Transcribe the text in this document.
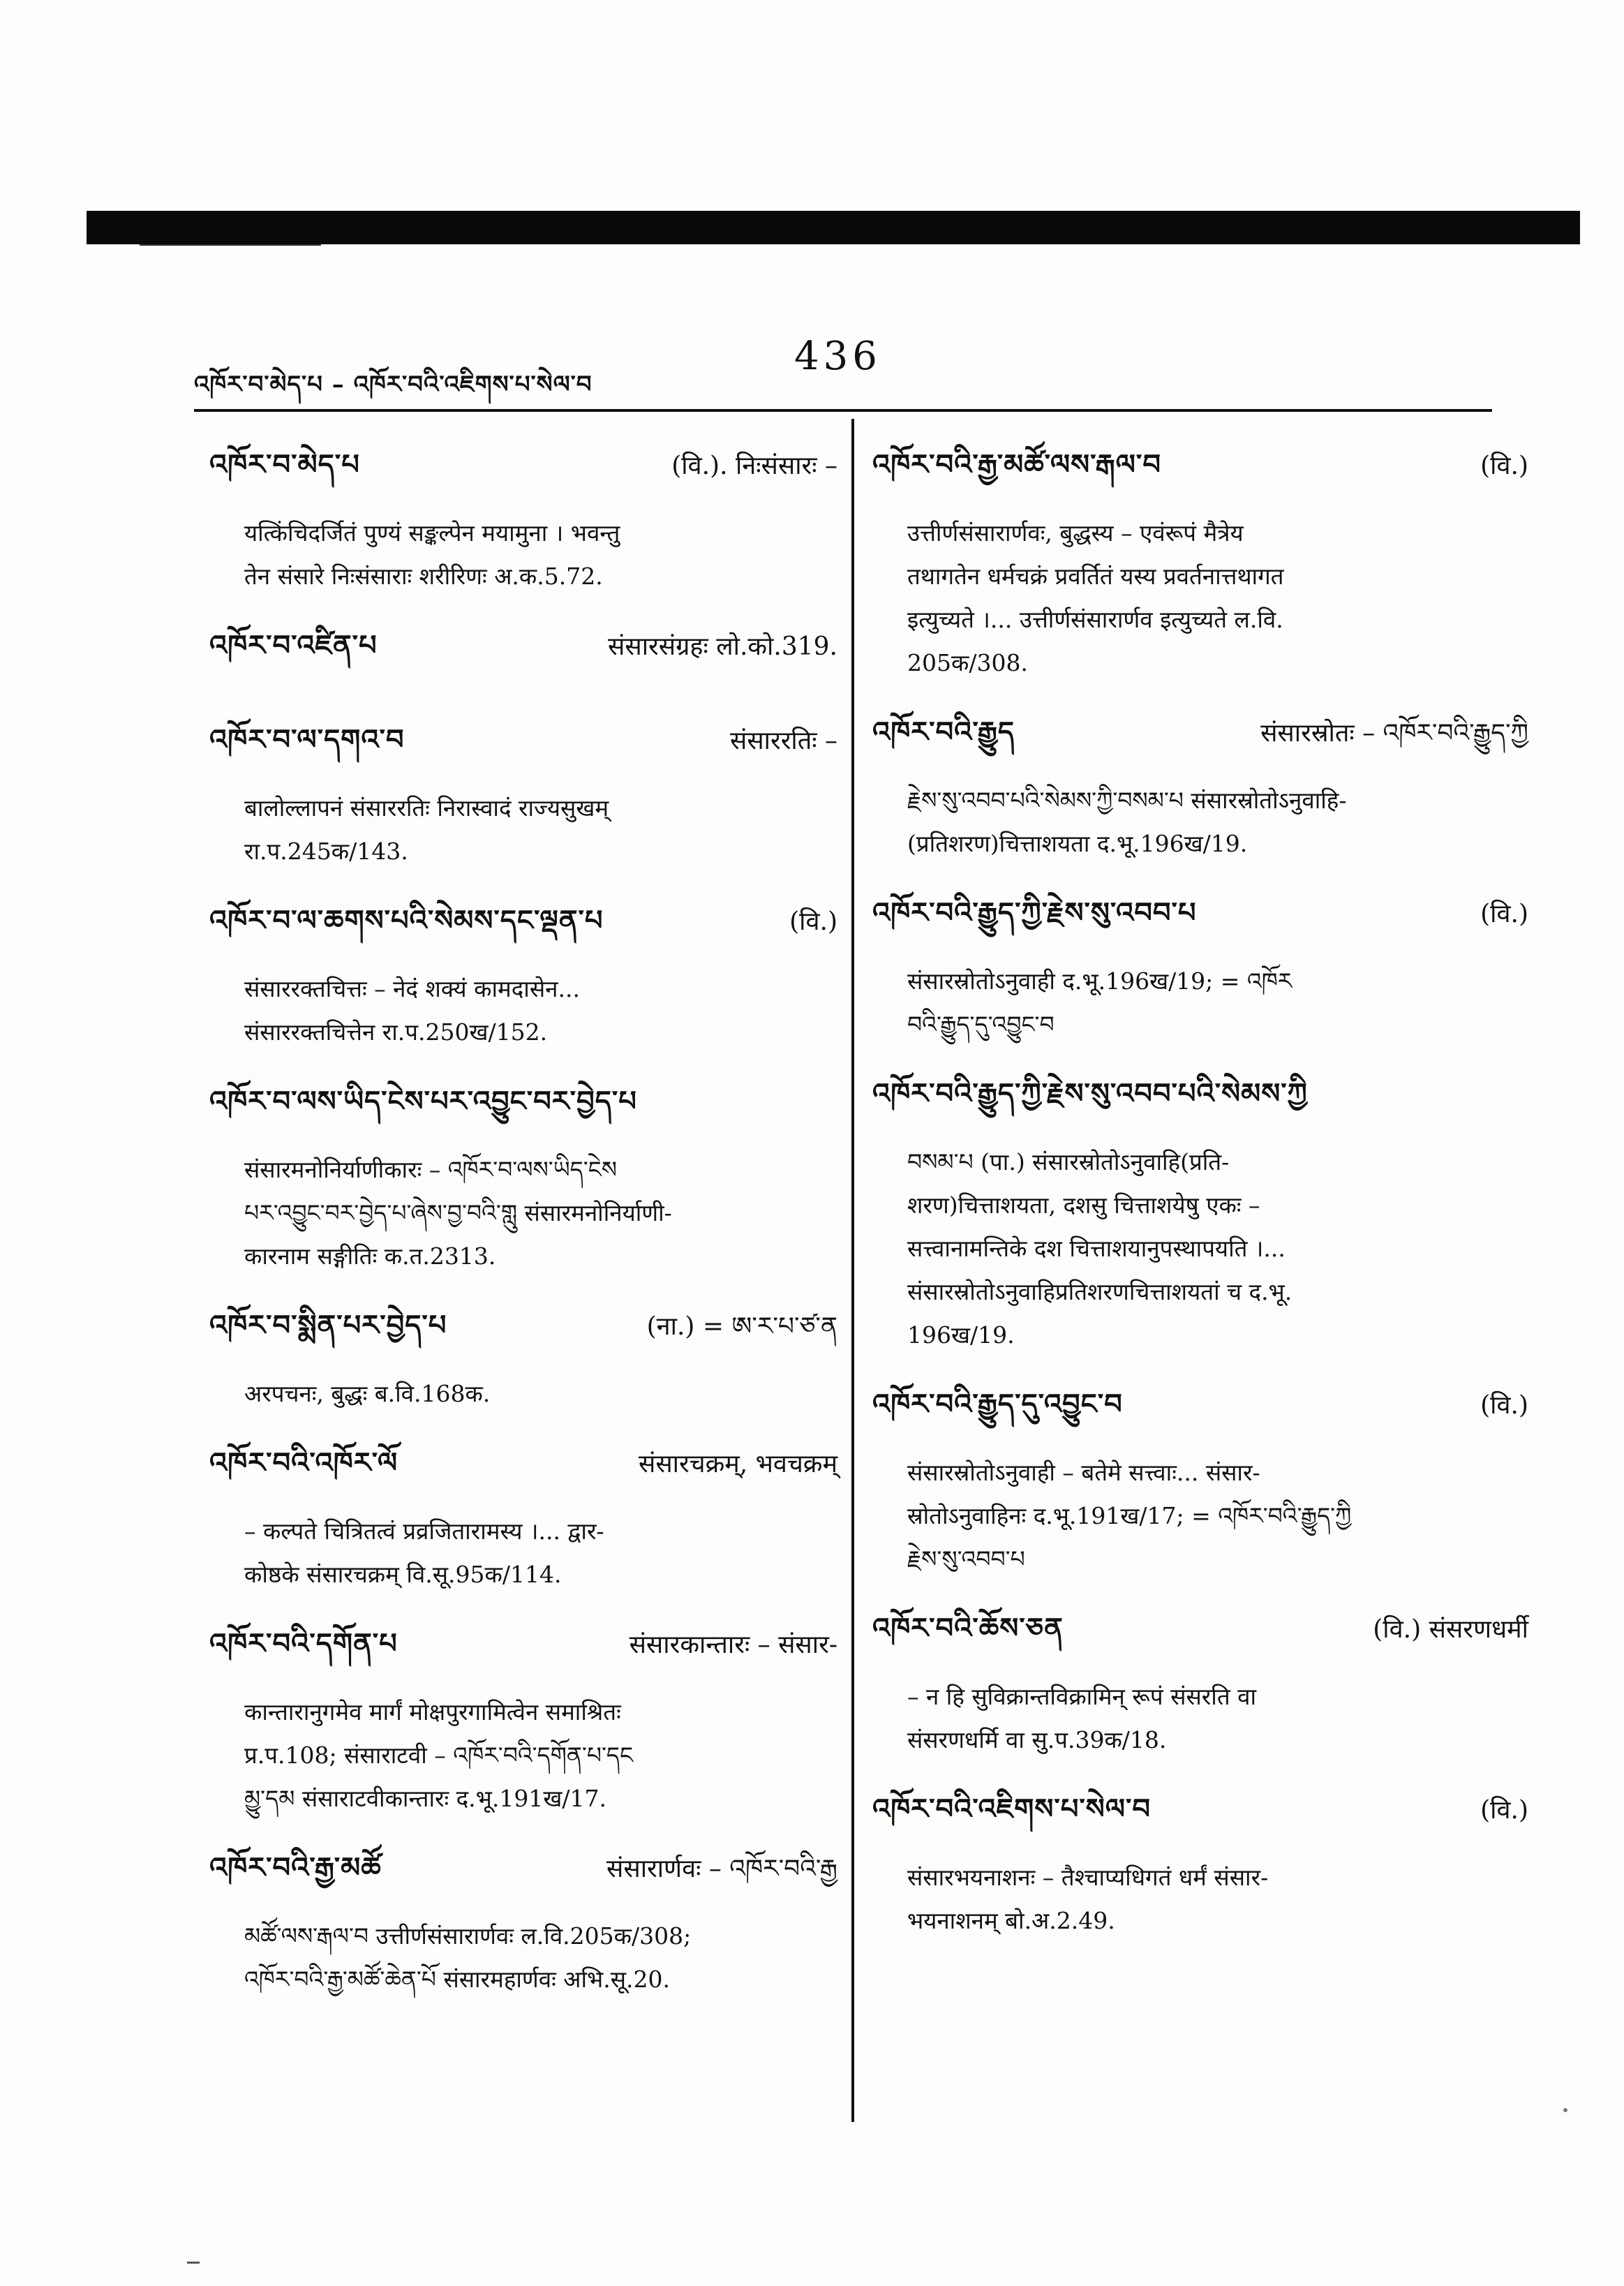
འཁོར་བ་མེད་པ – འཁོར་བའི་འཇིགས་པ་སེལ་བ
436
འཁོར་བ་མེད་པ	(वि.). निःसंसारः –
यत्किंचिदर्जितं पुण्यं सङ्कल्पेन मयामुना । भवन्तु
तेन संसारे निःसंसाराः शरीरिणः अ.क.5.72.
འཁོར་བ་འཛིན་པ	संसारसंग्रहः लो.को.319.
འཁོར་བ་ལ་དགའ་བ	संसाररतिः –
बालोल्लापनं संसाररतिः निरास्वादं राज्यसुखम्
रा.प.245क/143.
འཁོར་བ་ལ་ཆགས་པའི་སེམས་དང་ལྡན་པ	(वि.)
संसाररक्तचित्तः – नेदं शक्यं कामदासेन...
संसाररक्तचित्तेन रा.प.250ख/152.
འཁོར་བ་ལས་ཡིད་ངེས་པར་འབྱུང་བར་བྱེད་པ
संसारमनोनिर्याणीकारः – འཁོར་བ་ལས་ཡིད་ངེས
པར་འབྱུང་བར་བྱེད་པ་ཞེས་བྱ་བའི་གླུ संसारमनोनिर्याणी-
कारनाम सङ्गीतिः क.त.2313.
འཁོར་བ་སྨིན་པར་བྱེད་པ	(ना.) = ཨ་ར་པ་ཙ་ན
अरपचनः, बुद्धः ब.वि.168क.
འཁོར་བའི་འཁོར་ལོ	संसारचक्रम्, भवचक्रम्
– कल्पते चित्रितत्वं प्रव्रजितारामस्य ।... द्वार-
कोष्ठके संसारचक्रम् वि.सू.95क/114.
འཁོར་བའི་དགོན་པ	संसारकान्तारः – संसार-
कान्तारानुगमेव मार्गं मोक्षपुरगामित्वेन समाश्रितः
प्र.प.108; संसाराटवी – འཁོར་བའི་དགོན་པ་དང
མྱུ་དམ संसाराटवीकान्तारः द.भू.191ख/17.
འཁོར་བའི་རྒྱ་མཚོ	संसारार्णवः – འཁོར་བའི་རྒྱ
མཚོ་ལས་རྒལ་བ उत्तीर्णसंसारार्णवः ल.वि.205क/308;
འཁོར་བའི་རྒྱ་མཚོ་ཆེན་པོ संसारमहार्णवः अभि.सू.20.
འཁོར་བའི་རྒྱ་མཚོ་ལས་རྒལ་བ	(वि.)
उत्तीर्णसंसारार्णवः, बुद्धस्य – एवंरूपं मैत्रेय
तथागतेन धर्मचक्रं प्रवर्तितं यस्य प्रवर्तनात्तथागत
इत्युच्यते ।... उत्तीर्णसंसारार्णव इत्युच्यते ल.वि.
205क/308.
འཁོར་བའི་རྒྱུད	संसारस्रोतः – འཁོར་བའི་རྒྱུད་ཀྱི
རྗེས་སུ་འབབ་པའི་སེམས་ཀྱི་བསམ་པ संसारस्रोतोऽनुवाहि-
(प्रतिशरण)चित्ताशयता द.भू.196ख/19.
འཁོར་བའི་རྒྱུད་ཀྱི་རྗེས་སུ་འབབ་པ	(वि.)
संसारस्रोतोऽनुवाही द.भू.196ख/19; = འཁོར
བའི་རྒྱུད་དུ་འབྱུང་བ
འཁོར་བའི་རྒྱུད་ཀྱི་རྗེས་སུ་འབབ་པའི་སེམས་ཀྱི
བསམ་པ (पा.) संसारस्रोतोऽनुवाहि(प्रति-
शरण)चित्ताशयता, दशसु चित्ताशयेषु एकः –
सत्त्वानामन्तिके दश चित्ताशयानुपस्थापयति ।...
संसारस्रोतोऽनुवाहिप्रतिशरणचित्ताशयतां च द.भू.
196ख/19.
འཁོར་བའི་རྒྱུད་དུ་འབྱུང་བ	(वि.)
संसारस्रोतोऽनुवाही – बतेमे सत्त्वाः... संसार-
स्रोतोऽनुवाहिनः द.भू.191ख/17; = འཁོར་བའི་རྒྱུད་ཀྱི
རྗེས་སུ་འབབ་པ
འཁོར་བའི་ཆོས་ཅན	(वि.) संसरणधर्मी
– न हि सुविक्रान्तविक्रामिन् रूपं संसरति वा
संसरणधर्मि वा सु.प.39क/18.
འཁོར་བའི་འཇིགས་པ་སེལ་བ	(वि.)
संसारभयनाशनः – तैश्चाप्यधिगतं धर्मं संसार-
भयनाशनम् बो.अ.2.49.
